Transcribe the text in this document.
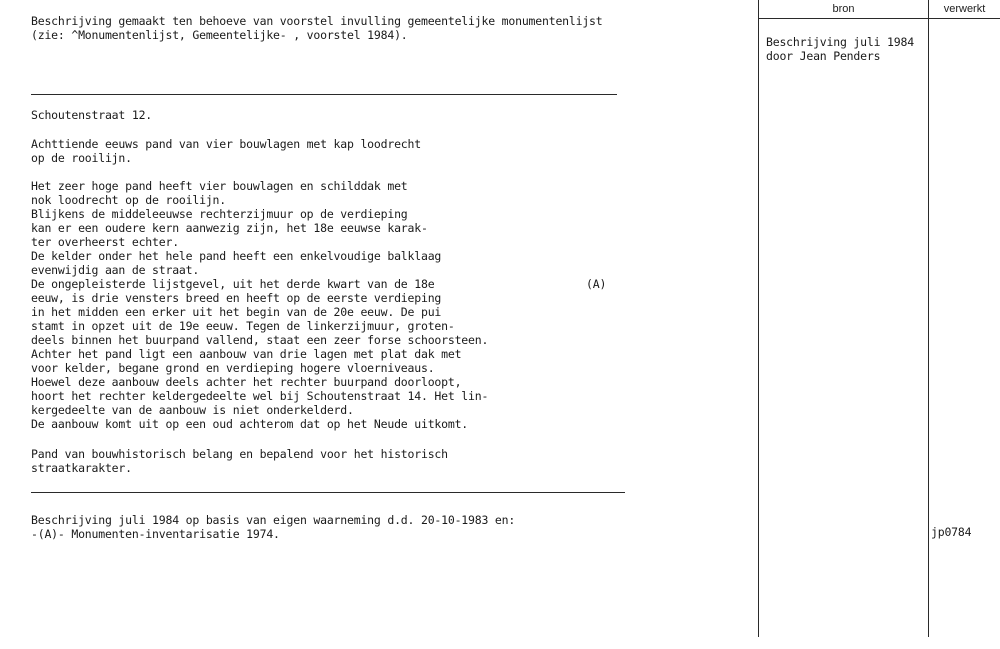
bron	verwerkt
Beschrijving juli 1984
door Jean Penders
jp0784
Beschrijving gemaakt ten behoeve van voorstel invulling gemeentelijke monumentenlijst
(zie: ^Monumentenlijst, Gemeentelijke- , voorstel 1984).
Schoutenstraat 12.
Achttiende eeuws pand van vier bouwlagen met kap loodrecht
op de rooilijn.
Het zeer hoge pand heeft vier bouwlagen en schilddak met
nok loodrecht op de rooilijn.
Blijkens de middeleeuwse rechterzijmuur op de verdieping
kan er een oudere kern aanwezig zijn, het 18e eeuwse karak-
ter overheerst echter.
De kelder onder het hele pand heeft een enkelvoudige balklaag
evenwijdig aan de straat.
De ongepleisterde lijstgevel, uit het derde kwart van de 18e
eeuw, is drie vensters breed en heeft op de eerste verdieping
in het midden een erker uit het begin van de 20e eeuw. De pui
stamt in opzet uit de 19e eeuw. Tegen de linkerzijmuur, groten-
deels binnen het buurpand vallend, staat een zeer forse schoorsteen.
Achter het pand ligt een aanbouw van drie lagen met plat dak met
voor kelder, begane grond en verdieping hogere vloerniveaus.
Hoewel deze aanbouw deels achter het rechter buurpand doorloopt,
hoort het rechter keldergedeelte wel bij Schoutenstraat 14. Het lin-
kergedeelte van de aanbouw is niet onderkelderd.
De aanbouw komt uit op een oud achterom dat op het Neude uitkomt.
(A)
Pand van bouwhistorisch belang en bepalend voor het historisch
straatkarakter.
Beschrijving juli 1984 op basis van eigen waarneming d.d. 20-10-1983 en:
-(A)- Monumenten-inventarisatie 1974.
